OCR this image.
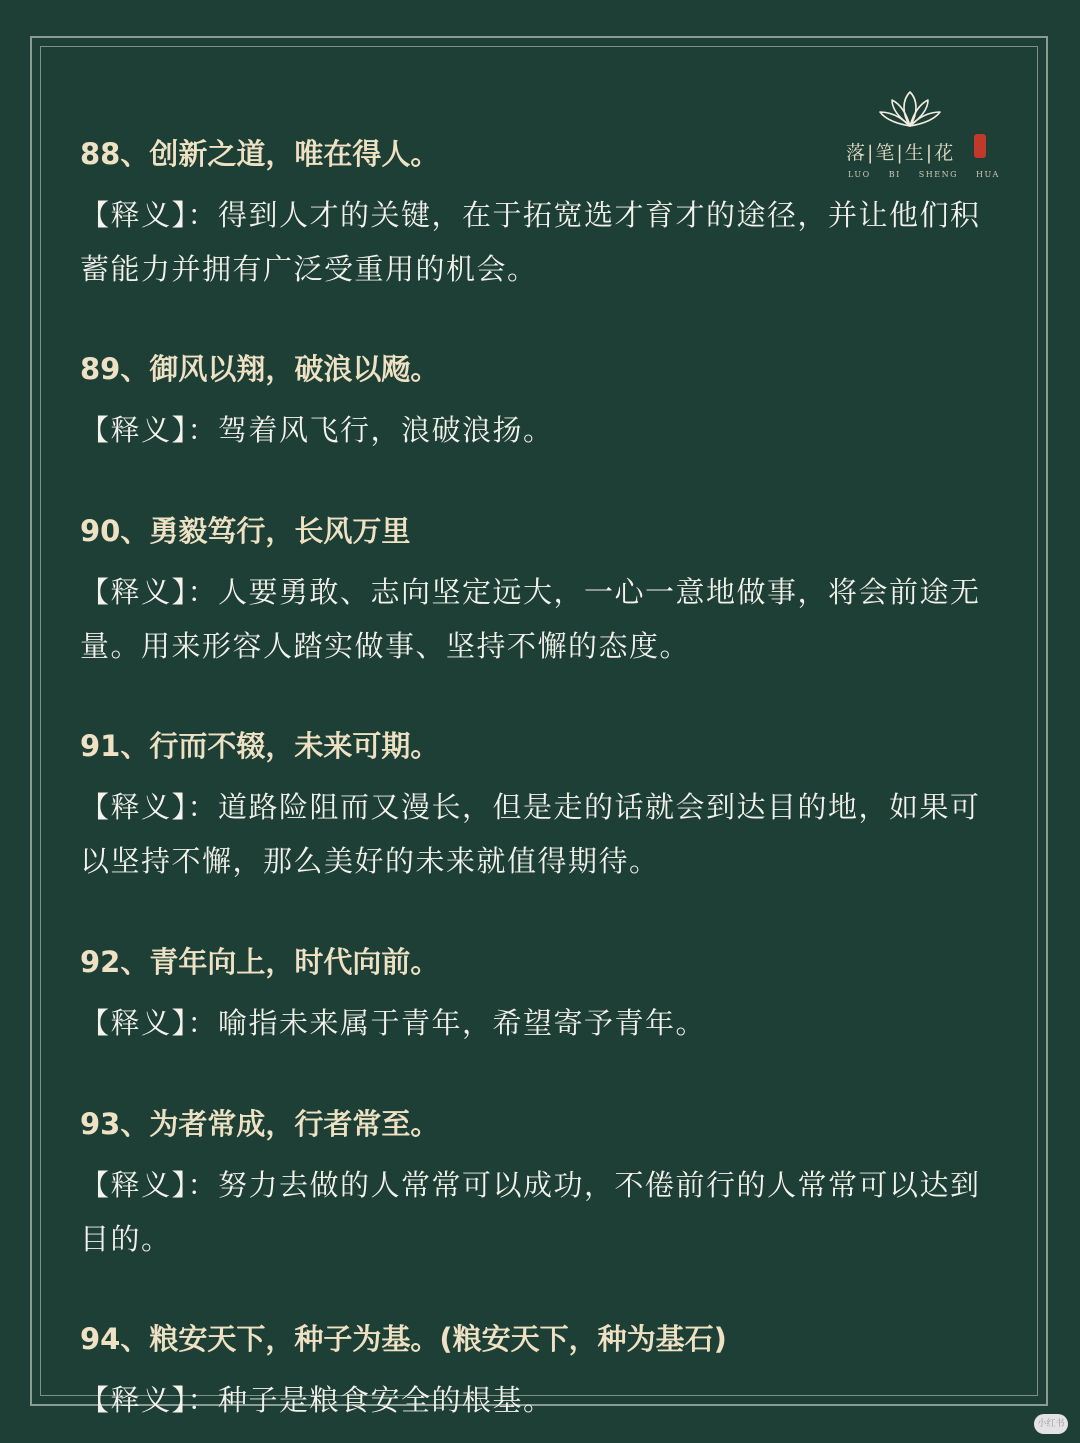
落|笔|生|花
LUO BI SHENG HUA
88、创新之道，唯在得人。
【释义】：得到人才的关键，在于拓宽选才育才的途径，并让他们积蓄能力并拥有广泛受重用的机会。
89、御风以翔，破浪以飏。
【释义】：驾着风飞行，浪破浪扬。
90、勇毅笃行，长风万里
【释义】：人要勇敢、志向坚定远大，一心一意地做事，将会前途无量。用来形容人踏实做事、坚持不懈的态度。
91、行而不辍，未来可期。
【释义】：道路险阻而又漫长，但是走的话就会到达目的地，如果可以坚持不懈，那么美好的未来就值得期待。
92、青年向上，时代向前。
【释义】：喻指未来属于青年，希望寄予青年。
93、为者常成，行者常至。
【释义】：努力去做的人常常可以成功，不倦前行的人常常可以达到目的。
94、粮安天下，种子为基。(粮安天下，种为基石)
【释义】：种子是粮食安全的根基。
小红书
